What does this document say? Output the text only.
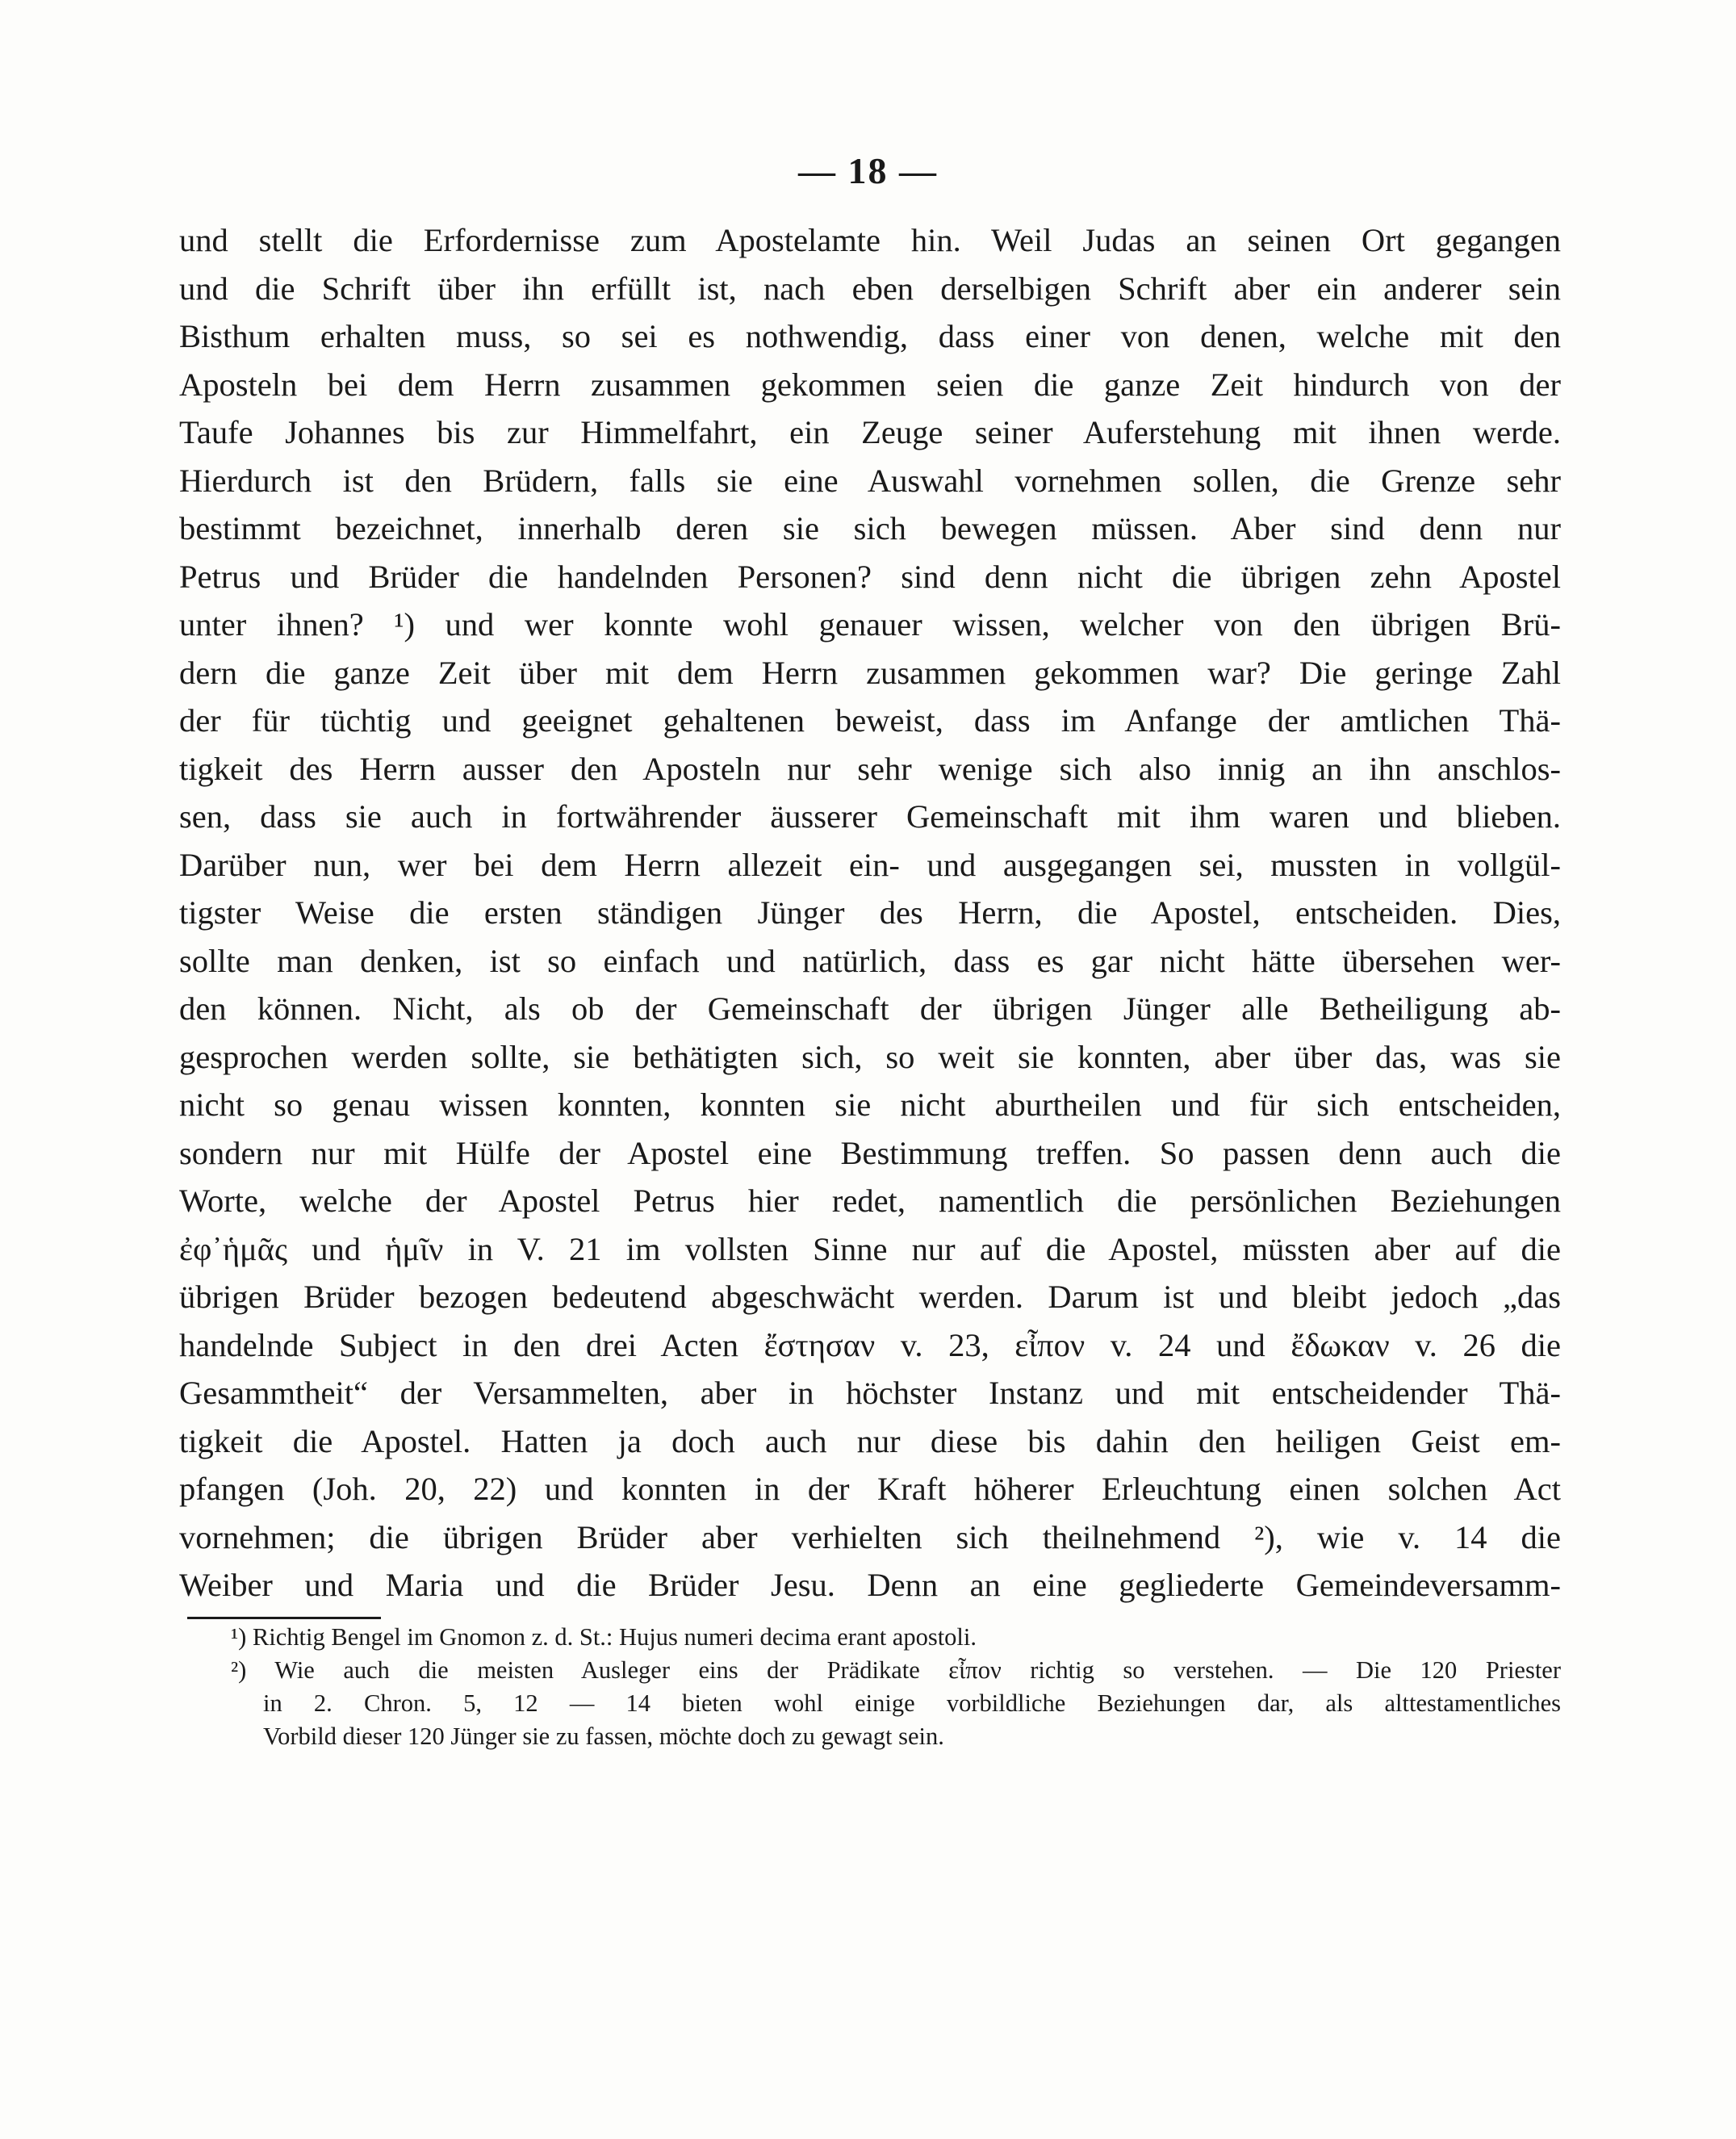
— 18 —
und stellt die Erfordernisse zum Apostelamte hin. Weil Judas an seinen Ort gegangen
und die Schrift über ihn erfüllt ist, nach eben derselbigen Schrift aber ein anderer sein
Bisthum erhalten muss, so sei es nothwendig, dass einer von denen, welche mit den
Aposteln bei dem Herrn zusammen gekommen seien die ganze Zeit hindurch von der
Taufe Johannes bis zur Himmelfahrt, ein Zeuge seiner Auferstehung mit ihnen werde.
Hierdurch ist den Brüdern, falls sie eine Auswahl vornehmen sollen, die Grenze sehr
bestimmt bezeichnet, innerhalb deren sie sich bewegen müssen. Aber sind denn nur
Petrus und Brüder die handelnden Personen? sind denn nicht die übrigen zehn Apostel
unter ihnen? ¹) und wer konnte wohl genauer wissen, welcher von den übrigen Brü-
dern die ganze Zeit über mit dem Herrn zusammen gekommen war? Die geringe Zahl
der für tüchtig und geeignet gehaltenen beweist, dass im Anfange der amtlichen Thä-
tigkeit des Herrn ausser den Aposteln nur sehr wenige sich also innig an ihn anschlos-
sen, dass sie auch in fortwährender äusserer Gemeinschaft mit ihm waren und blieben.
Darüber nun, wer bei dem Herrn allezeit ein- und ausgegangen sei, mussten in vollgül-
tigster Weise die ersten ständigen Jünger des Herrn, die Apostel, entscheiden. Dies,
sollte man denken, ist so einfach und natürlich, dass es gar nicht hätte übersehen wer-
den können. Nicht, als ob der Gemeinschaft der übrigen Jünger alle Betheiligung ab-
gesprochen werden sollte, sie bethätigten sich, so weit sie konnten, aber über das, was sie
nicht so genau wissen konnten, konnten sie nicht aburtheilen und für sich entscheiden,
sondern nur mit Hülfe der Apostel eine Bestimmung treffen. So passen denn auch die
Worte, welche der Apostel Petrus hier redet, namentlich die persönlichen Beziehungen
ἐφ᾽ἡμᾶς und ἡμῖν in V. 21 im vollsten Sinne nur auf die Apostel, müssten aber auf die
übrigen Brüder bezogen bedeutend abgeschwächt werden. Darum ist und bleibt jedoch „das
handelnde Subject in den drei Acten ἔστησαν v. 23, εἶπον v. 24 und ἔδωκαν v. 26 die
Gesammtheit“ der Versammelten, aber in höchster Instanz und mit entscheidender Thä-
tigkeit die Apostel. Hatten ja doch auch nur diese bis dahin den heiligen Geist em-
pfangen (Joh. 20, 22) und konnten in der Kraft höherer Erleuchtung einen solchen Act
vornehmen; die übrigen Brüder aber verhielten sich theilnehmend ²), wie v. 14 die
Weiber und Maria und die Brüder Jesu. Denn an eine gegliederte Gemeindeversamm-
¹) Richtig Bengel im Gnomon z. d. St.: Hujus numeri decima erant apostoli.
²) Wie auch die meisten Ausleger eins der Prädikate εἶπον richtig so verstehen. — Die 120 Priester
in 2. Chron. 5, 12 — 14 bieten wohl einige vorbildliche Beziehungen dar, als alttestamentliches
Vorbild dieser 120 Jünger sie zu fassen, möchte doch zu gewagt sein.
